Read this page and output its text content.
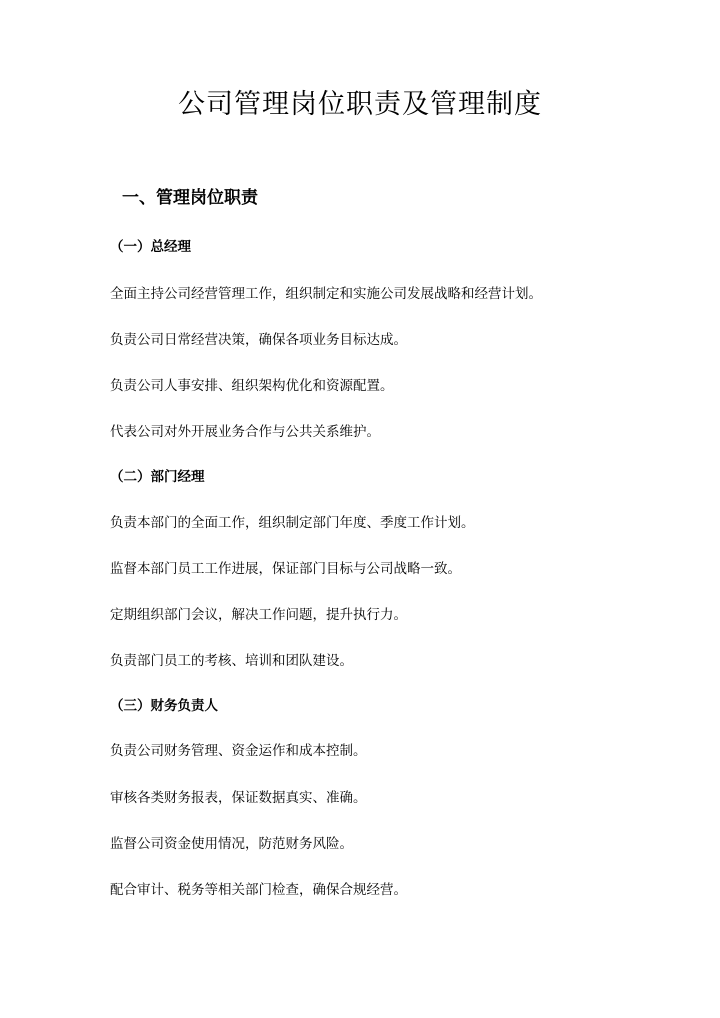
公司管理岗位职责及管理制度
一、管理岗位职责
（一）总经理

全面主持公司经营管理工作，组织制定和实施公司发展战略和经营计划。

负责公司日常经营决策，确保各项业务目标达成。

负责公司人事安排、组织架构优化和资源配置。

代表公司对外开展业务合作与公共关系维护。

（二）部门经理

负责本部门的全面工作，组织制定部门年度、季度工作计划。

监督本部门员工工作进展，保证部门目标与公司战略一致。

定期组织部门会议，解决工作问题，提升执行力。

负责部门员工的考核、培训和团队建设。

（三）财务负责人

负责公司财务管理、资金运作和成本控制。

审核各类财务报表，保证数据真实、准确。

监督公司资金使用情况，防范财务风险。

配合审计、税务等相关部门检查，确保合规经营。
